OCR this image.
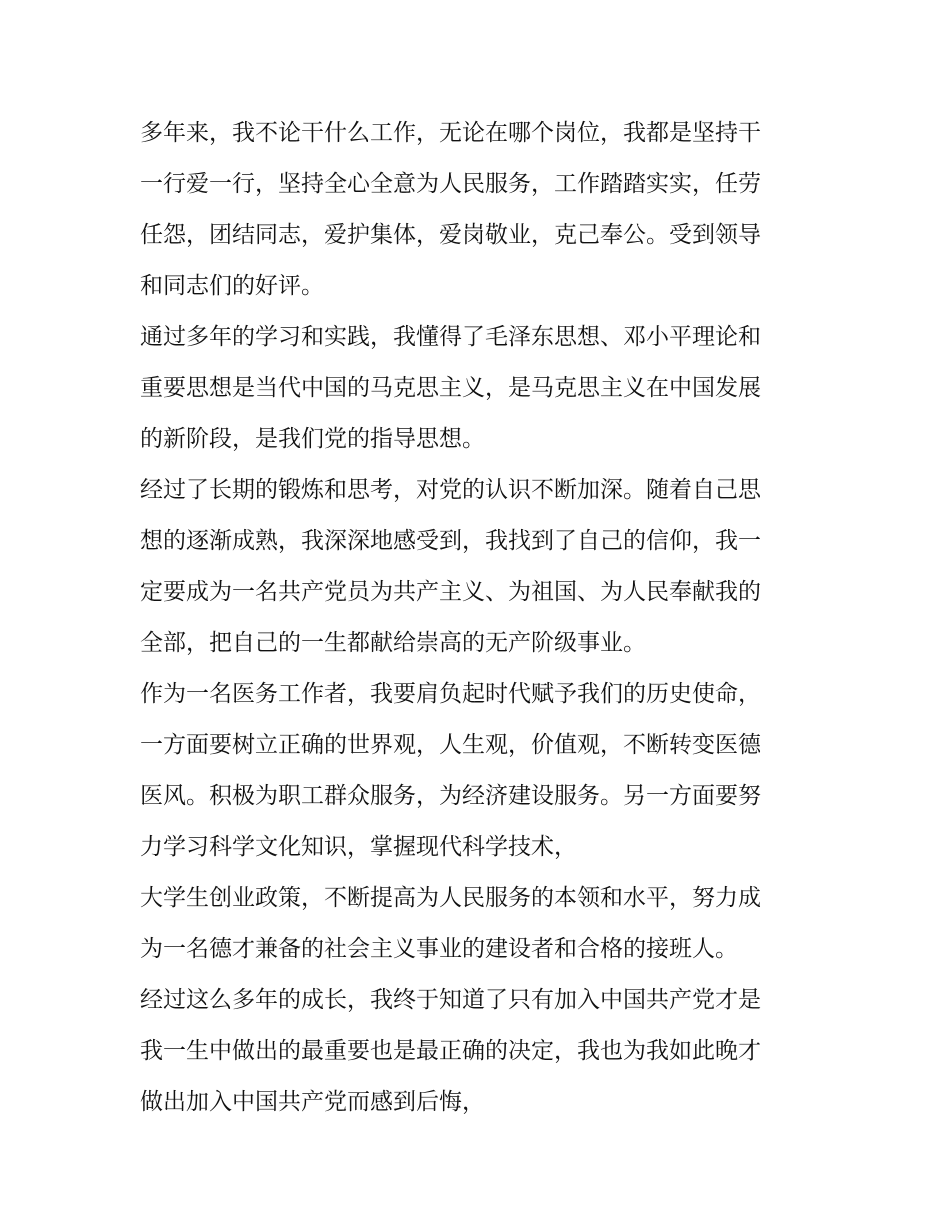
多年来，我不论干什么工作，无论在哪个岗位，我都是坚持干
一行爱一行，坚持全心全意为人民服务，工作踏踏实实，任劳
任怨，团结同志，爱护集体，爱岗敬业，克己奉公。受到领导
和同志们的好评。
通过多年的学习和实践，我懂得了毛泽东思想、邓小平理论和
重要思想是当代中国的马克思主义，是马克思主义在中国发展
的新阶段，是我们党的指导思想。
经过了长期的锻炼和思考，对党的认识不断加深。随着自己思
想的逐渐成熟，我深深地感受到，我找到了自己的信仰，我一
定要成为一名共产党员为共产主义、为祖国、为人民奉献我的
全部，把自己的一生都献给崇高的无产阶级事业。
作为一名医务工作者，我要肩负起时代赋予我们的历史使命，
一方面要树立正确的世界观，人生观，价值观，不断转变医德
医风。积极为职工群众服务，为经济建设服务。另一方面要努
力学习科学文化知识，掌握现代科学技术，
大学生创业政策，不断提高为人民服务的本领和水平，努力成
为一名德才兼备的社会主义事业的建设者和合格的接班人。
经过这么多年的成长，我终于知道了只有加入中国共产党才是
我一生中做出的最重要也是最正确的决定，我也为我如此晚才
做出加入中国共产党而感到后悔，
